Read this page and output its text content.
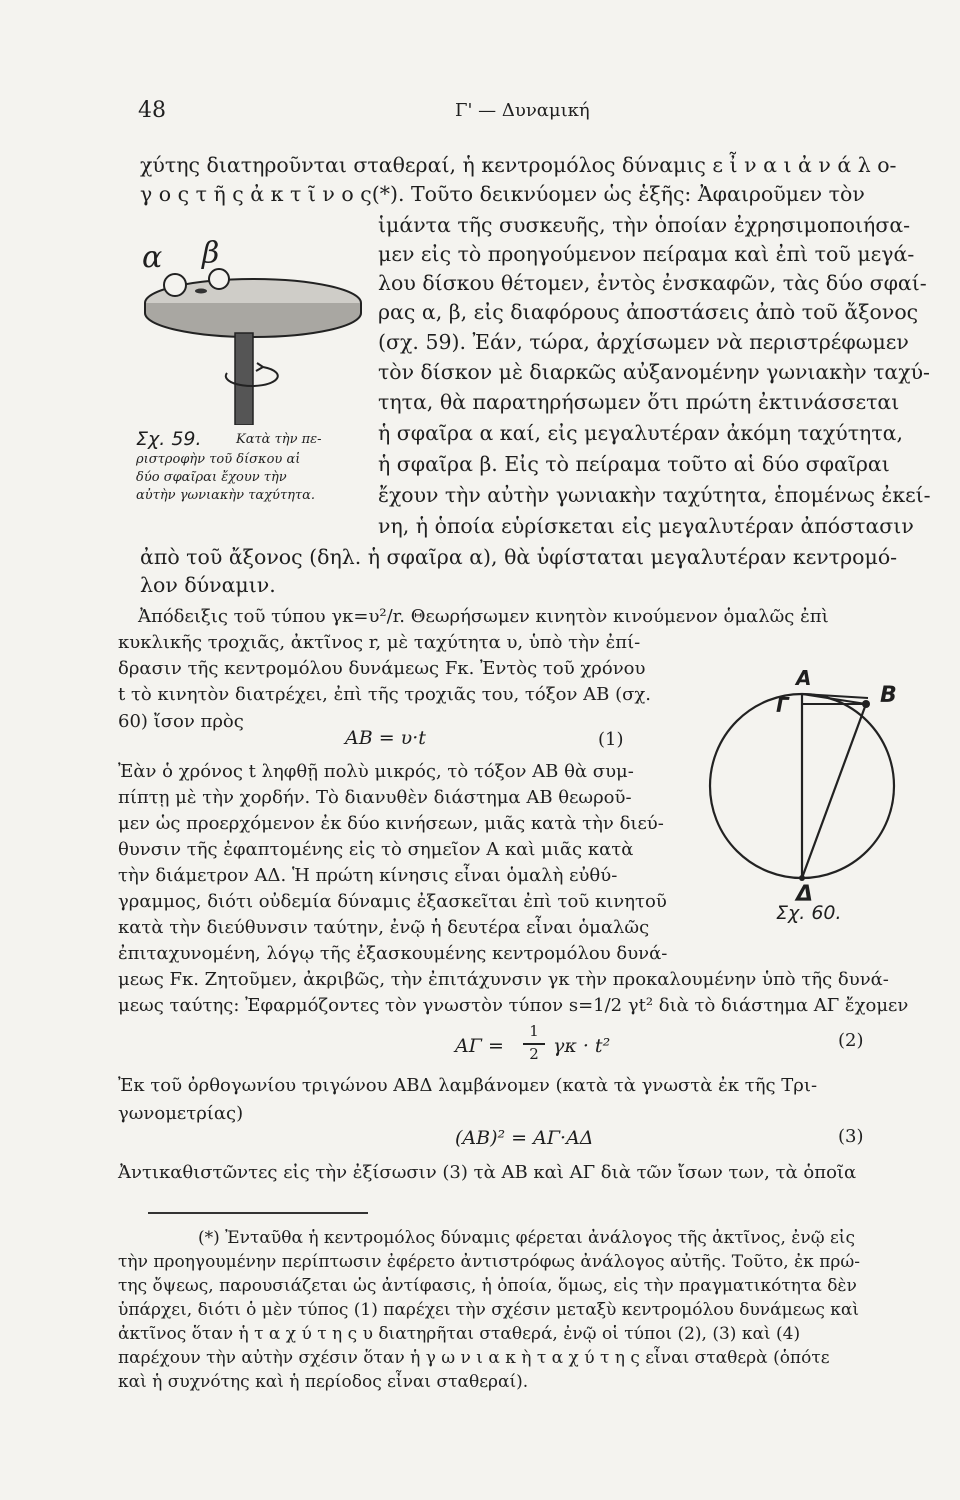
48	Γ' — Δυναμική
χύτης διατηροῦνται σταθεραί, ἡ κεντρομόλος δύναμις ε ἶ ν α ι ἀ ν ά λ ο-
γ ο ς τ ῆ ς ἀ κ τ ῖ ν ο ς(*). Τοῦτο δεικνύομεν ὡς ἑξῆς: Ἀφαιροῦμεν τὸν
ἱμάντα τῆς συσκευῆς, τὴν ὁποίαν ἐχρησιμοποιήσα-
μεν εἰς τὸ προηγούμενον πείραμα καὶ ἐπὶ τοῦ μεγά-
λου δίσκου θέτομεν, ἐντὸς ἐνσκαφῶν, τὰς δύο σφαί-
ρας α, β, εἰς διαφόρους ἀποστάσεις ἀπὸ τοῦ ἄξονος
(σχ. 59). Ἐάν, τώρα, ἀρχίσωμεν νὰ περιστρέφωμεν
τὸν δίσκον μὲ διαρκῶς αὐξανομένην γωνιακὴν ταχύ-
τητα, θὰ παρατηρήσωμεν ὅτι πρώτη ἐκτινάσσεται
ἡ σφαῖρα α καί, εἰς μεγαλυτέραν ἀκόμη ταχύτητα,
ἡ σφαῖρα β. Εἰς τὸ πείραμα τοῦτο αἱ δύο σφαῖραι
ἔχουν τὴν αὐτὴν γωνιακὴν ταχύτητα, ἑπομένως ἐκεί-
νη, ἡ ὁποία εὑρίσκεται εἰς μεγαλυτέραν ἀπόστασιν
α β
Σχ. 59.	Κατὰ τὴν πε-
ριστροφὴν τοῦ δίσκου αἱ
δύο σφαῖραι ἔχουν τὴν
αὐτὴν γωνιακὴν ταχύτητα.
ἀπὸ τοῦ ἄξονος (δηλ. ἡ σφαῖρα α), θὰ ὑφίσταται μεγαλυτέραν κεντρομό-
λον δύναμιν.
Ἀπόδειξις τοῦ τύπου γκ=υ²/r. Θεωρήσωμεν κινητὸν κινούμενον ὁμαλῶς ἐπὶ
κυκλικῆς τροχιᾶς, ἀκτῖνος r, μὲ ταχύτητα υ, ὑπὸ τὴν ἐπί-
δρασιν τῆς κεντρομόλου δυνάμεως Fκ. Ἐντὸς τοῦ χρόνου
t τὸ κινητὸν διατρέχει, ἐπὶ τῆς τροχιᾶς του, τόξον AB (σχ.
60) ἴσον πρὸς
AB = υ·t	(1)
Ἐὰν ὁ χρόνος t ληφθῇ πολὺ μικρός, τὸ τόξον AB θὰ συμ-
πίπτῃ μὲ τὴν χορδήν. Τὸ διανυθὲν διάστημα AB θεωροῦ-
μεν ὡς προερχόμενον ἐκ δύο κινήσεων, μιᾶς κατὰ τὴν διεύ-
θυνσιν τῆς ἐφαπτομένης εἰς τὸ σημεῖον Α καὶ μιᾶς κατὰ
τὴν διάμετρον ΑΔ. Ἡ πρώτη κίνησις εἶναι ὁμαλὴ εὐθύ-
γραμμος, διότι οὐδεμία δύναμις ἐξασκεῖται ἐπὶ τοῦ κινητοῦ
κατὰ τὴν διεύθυνσιν ταύτην, ἐνῷ ἡ δευτέρα εἶναι ὁμαλῶς
ἐπιταχυνομένη, λόγῳ τῆς ἐξασκουμένης κεντρομόλου δυνά-
μεως Fκ. Ζητοῦμεν, ἀκριβῶς, τὴν ἐπιτάχυνσιν γκ τὴν προκαλουμένην ὑπὸ τῆς δυνά-
μεως ταύτης: Ἐφαρμόζοντες τὸν γνωστὸν τύπον s=1/2 γt² διὰ τὸ διάστημα ΑΓ ἔχομεν
Α
Β
Γ
Δ
Σχ. 60.
ΑΓ =
1
2 γκ · t²	(2)
Ἐκ τοῦ ὀρθογωνίου τριγώνου ΑΒΔ λαμβάνομεν (κατὰ τὰ γνωστὰ ἐκ τῆς Τρι-
γωνομετρίας)
(AB)² = ΑΓ·ΑΔ	(3)
Ἀντικαθιστῶντες εἰς τὴν ἐξίσωσιν (3) τὰ AB καὶ ΑΓ διὰ τῶν ἴσων των, τὰ ὁποῖα
(*) Ἐνταῦθα ἡ κεντρομόλος δύναμις φέρεται ἀνάλογος τῆς ἀκτῖνος, ἐνῷ εἰς
τὴν προηγουμένην περίπτωσιν ἐφέρετο ἀντιστρόφως ἀνάλογος αὐτῆς. Τοῦτο, ἐκ πρώ-
της ὄψεως, παρουσιάζεται ὡς ἀντίφασις, ἡ ὁποία, ὅμως, εἰς τὴν πραγματικότητα δὲν
ὑπάρχει, διότι ὁ μὲν τύπος (1) παρέχει τὴν σχέσιν μεταξὺ κεντρομόλου δυνάμεως καὶ
ἀκτῖνος ὅταν ἡ τ α χ ύ τ η ς υ διατηρῆται σταθερά, ἐνῷ οἱ τύποι (2), (3) καὶ (4)
παρέχουν τὴν αὐτὴν σχέσιν ὅταν ἡ γ ω ν ι α κ ὴ τ α χ ύ τ η ς εἶναι σταθερὰ (ὁπότε
καὶ ἡ συχνότης καὶ ἡ περίοδος εἶναι σταθεραί).
